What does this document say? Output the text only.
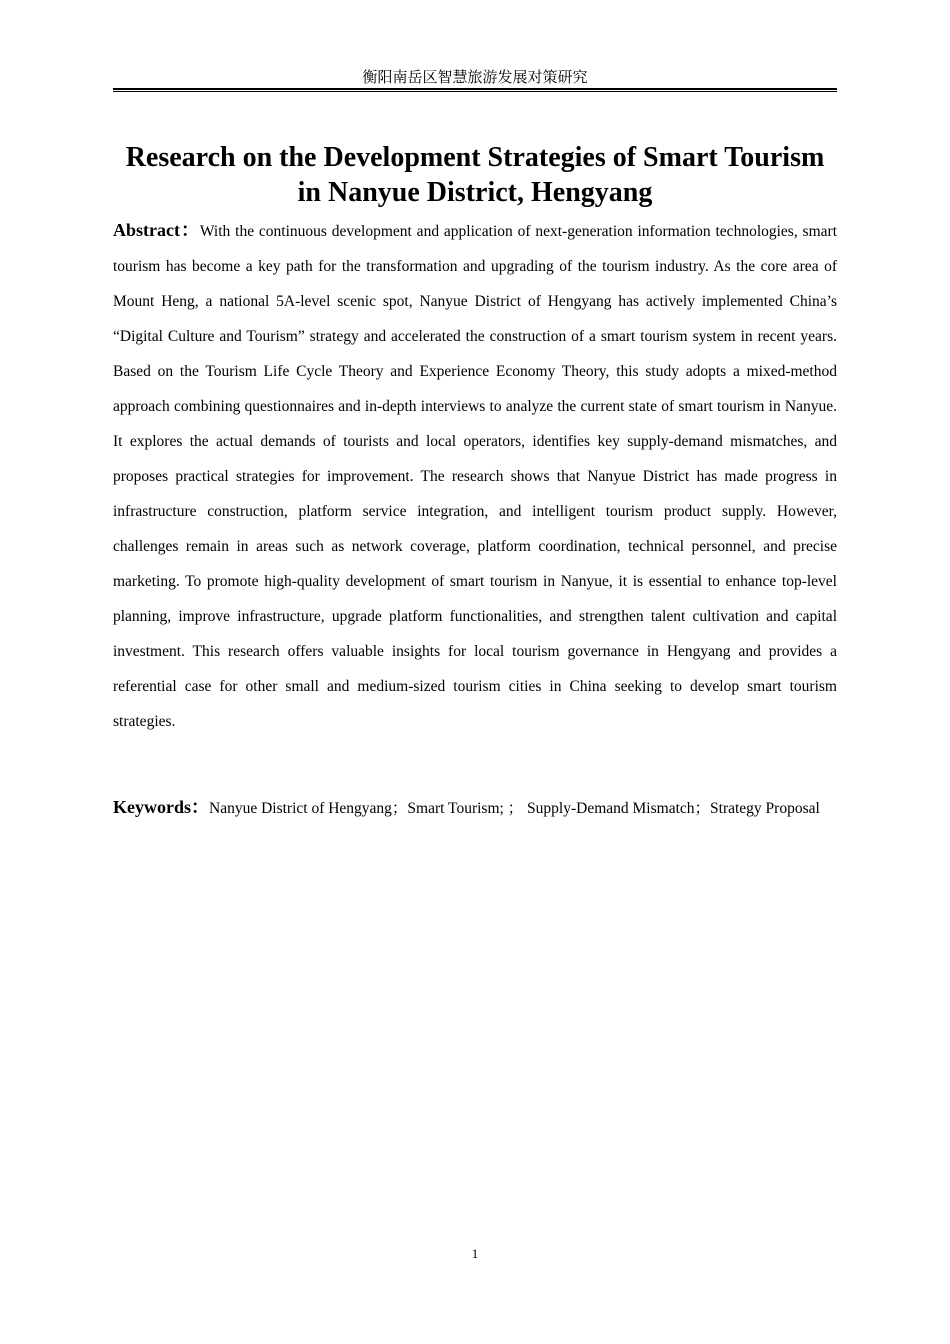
衡阳南岳区智慧旅游发展对策研究
Research on the Development Strategies of Smart Tourism in Nanyue District, Hengyang

Abstract：With the continuous development and application of next-generation information technologies, smart tourism has become a key path for the transformation and upgrading of the tourism industry. As the core area of Mount Heng, a national 5A-level scenic spot, Nanyue District of Hengyang has actively implemented China’s “Digital Culture and Tourism” strategy and accelerated the construction of a smart tourism system in recent years. Based on the Tourism Life Cycle Theory and Experience Economy Theory, this study adopts a mixed-method approach combining questionnaires and in-depth interviews to analyze the current state of smart tourism in Nanyue. It explores the actual demands of tourists and local operators, identifies key supply-demand mismatches, and proposes practical strategies for improvement. The research shows that Nanyue District has made progress in infrastructure construction, platform service integration, and intelligent tourism product supply. However, challenges remain in areas such as network coverage, platform coordination, technical personnel, and precise marketing. To promote high-quality development of smart tourism in Nanyue, it is essential to enhance top-level planning, improve infrastructure, upgrade platform functionalities, and strengthen talent cultivation and capital investment. This research offers valuable insights for local tourism governance in Hengyang and provides a referential case for other small and medium-sized tourism cities in China seeking to develop smart tourism strategies.

Keywords：Nanyue District of Hengyang；Smart Tourism; ； Supply-Demand Mismatch；Strategy Proposal

1
